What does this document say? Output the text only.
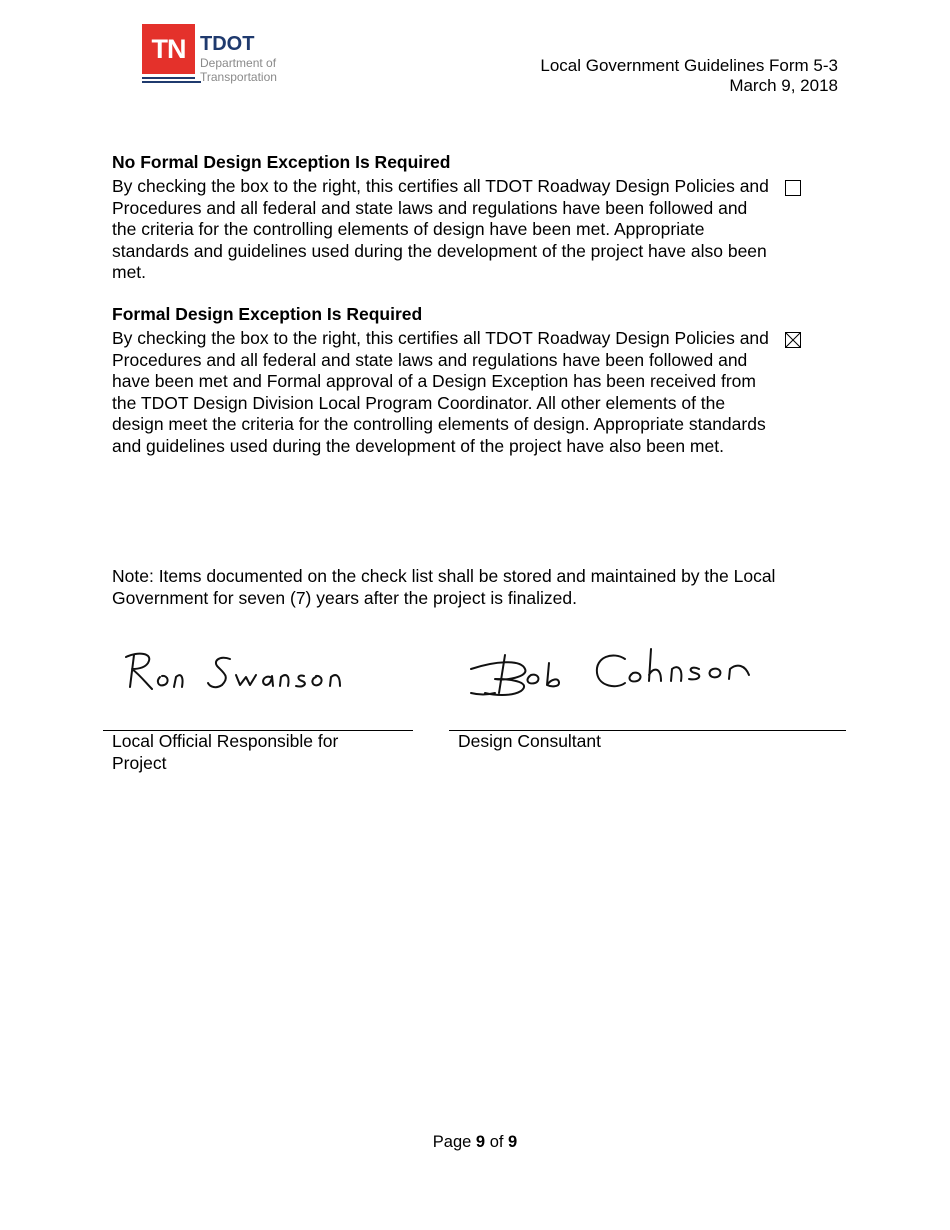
TN TDOT
Department of
Transportation
Local Government Guidelines Form 5-3
March 9, 2018
No Formal Design Exception Is Required

By checking the box to the right, this certifies all TDOT Roadway Design Policies and Procedures and all federal and state laws and regulations have been followed and the criteria for the controlling elements of design have been met. Appropriate standards and guidelines used during the development of the project have also been met.

Formal Design Exception Is Required

By checking the box to the right, this certifies all TDOT Roadway Design Policies and Procedures and all federal and state laws and regulations have been followed and have been met and Formal approval of a Design Exception has been received from the TDOT Design Division Local Program Coordinator. All other elements of the design meet the criteria for the controlling elements of design. Appropriate standards and guidelines used during the development of the project have also been met.

Note: Items documented on the check list shall be stored and maintained by the Local Government for seven (7) years after the project is finalized.

Local Official Responsible for Project
Design Consultant
Page 9 of 9
